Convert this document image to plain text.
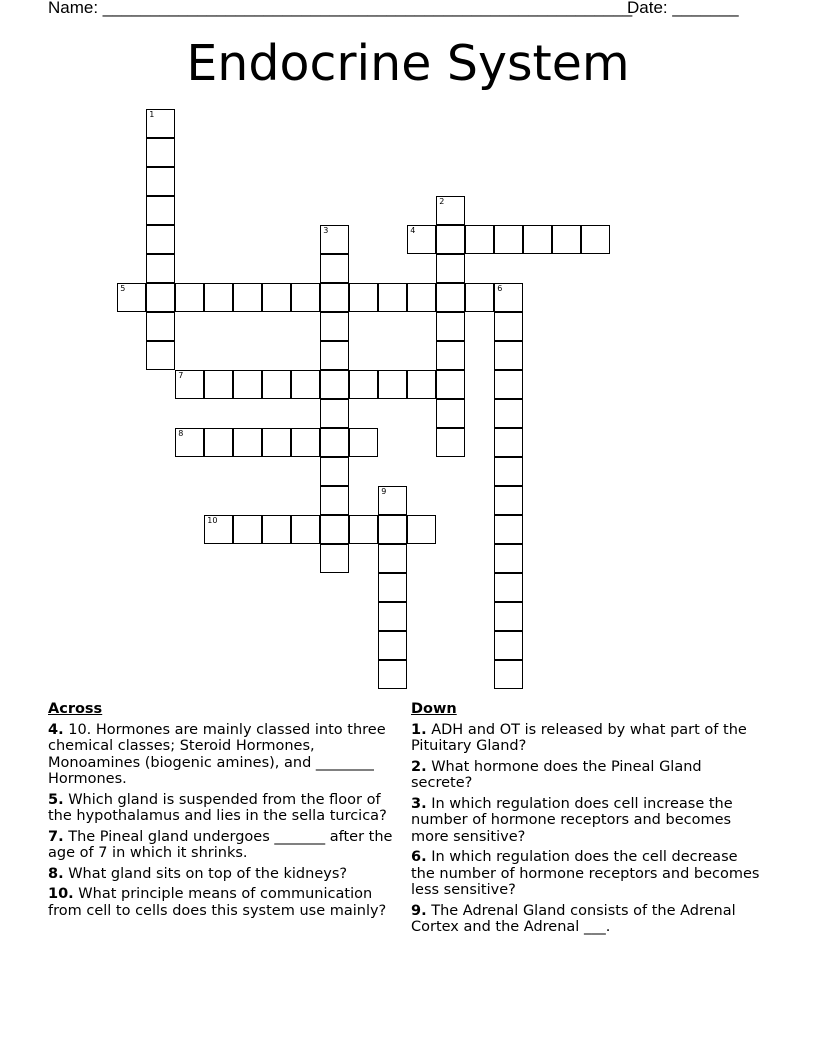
Name: ________________________________________________________
Date: _______
Endocrine System
1
2
3	4
5	6
7
8
9
10
Across
4. 10. Hormones are mainly classed into three chemical classes; Steroid Hormones, Monoamines (biogenic amines), and ________ Hormones.
5. Which gland is suspended from the floor of the hypothalamus and lies in the sella turcica?
7. The Pineal gland undergoes _______ after the age of 7 in which it shrinks.
8. What gland sits on top of the kidneys?
10. What principle means of communication from cell to cells does this system use mainly?
Down
1. ADH and OT is released by what part of the Pituitary Gland?
2. What hormone does the Pineal Gland secrete?
3. In which regulation does cell increase the number of hormone receptors and becomes more sensitive?
6. In which regulation does the cell decrease the number of hormone receptors and becomes less sensitive?
9. The Adrenal Gland consists of the Adrenal Cortex and the Adrenal ___.
